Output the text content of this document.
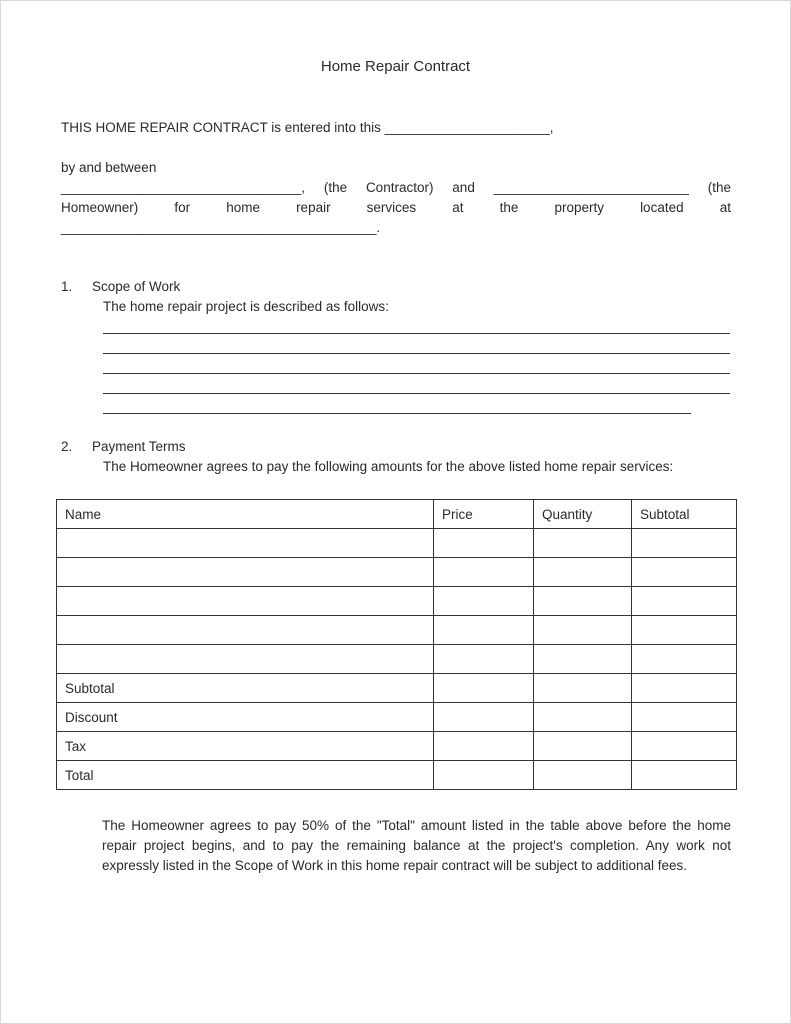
Home Repair Contract
THIS HOME REPAIR CONTRACT is entered into this ______________________,
by and between
________________________________, (the Contractor) and __________________________ (the
Homeowner)	for	home	repair	services	at	the	property	located	at
__________________________________________.
1. Scope of Work
The home repair project is described as follows:
2. Payment Terms
The Homeowner agrees to pay the following amounts for the above listed home repair services:
Name	Price	Quantity	Subtotal

Subtotal			
Discount			
Tax			
Total			
The Homeowner agrees to pay 50% of the "Total" amount listed in the table above before the home repair project begins, and to pay the remaining balance at the project's completion. Any work not expressly listed in the Scope of Work in this home repair contract will be subject to additional fees.
